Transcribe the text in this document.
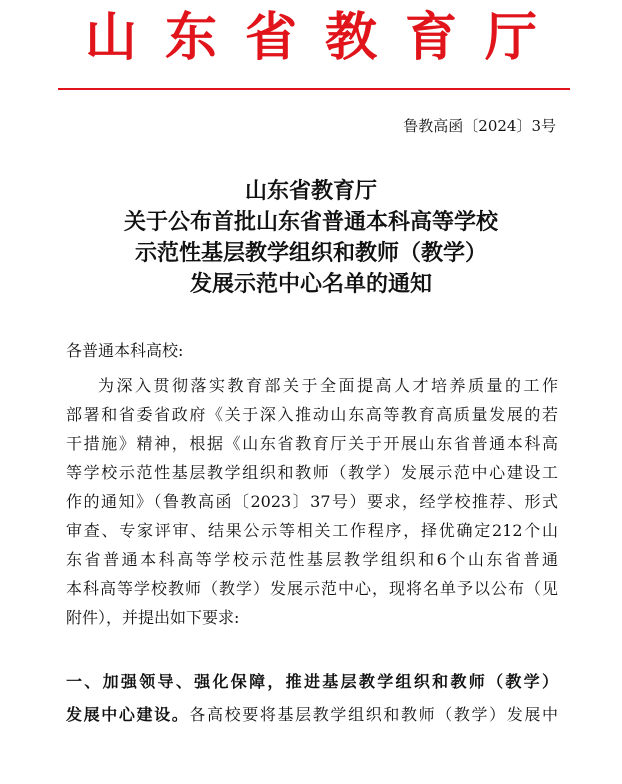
山东省教育厅
鲁教高函〔2024〕3号
山东省教育厅
关于公布首批山东省普通本科高等学校
示范性基层教学组织和教师（教学）
发展示范中心名单的通知
各普通本科高校:
为深入贯彻落实教育部关于全面提高人才培养质量的工作
部署和省委省政府《关于深入推动山东高等教育高质量发展的若
干措施》精神，根据《山东省教育厅关于开展山东省普通本科高
等学校示范性基层教学组织和教师（教学）发展示范中心建设工
作的通知》（鲁教高函〔2023〕37号）要求，经学校推荐、形式
审查、专家评审、结果公示等相关工作程序，择优确定212个山
东省普通本科高等学校示范性基层教学组织和6个山东省普通
本科高等学校教师（教学）发展示范中心，现将名单予以公布（见
附件），并提出如下要求:
一、加强领导、强化保障，推进基层教学组织和教师（教学）
发展中心建设。各高校要将基层教学组织和教师（教学）发展中
